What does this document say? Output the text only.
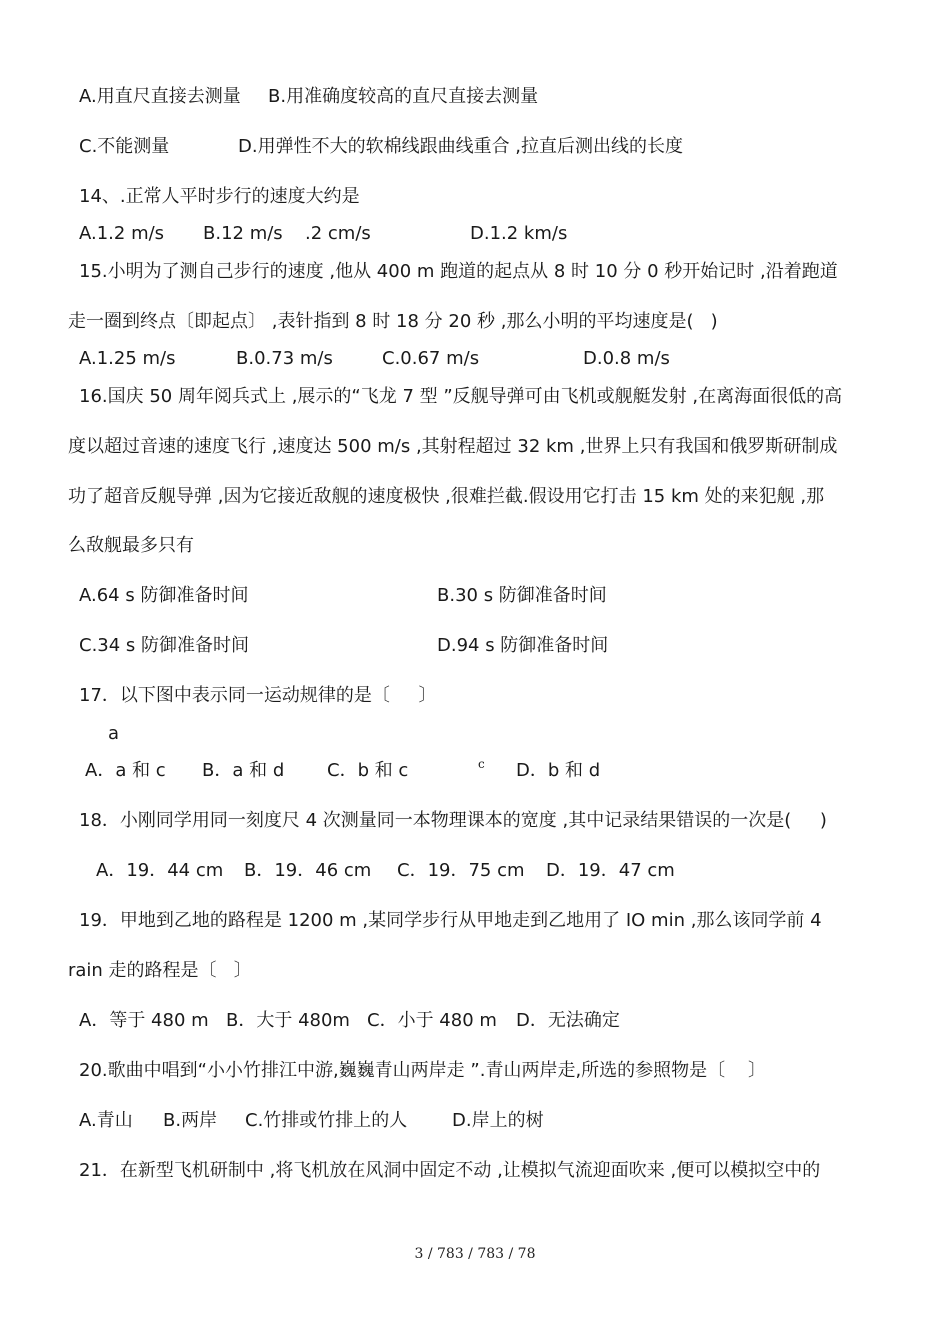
A.用直尺直接去测量 B.用准确度较高的直尺直接去测量
C.不能测量	D.用弹性不大的软棉线跟曲线重合 ,拉直后测出线的长度
14、.正常人平时步行的速度大约是
A.1.2 m/s B.12 m/s .2 cm/s	D.1.2 km/s
15.小明为了测自己步行的速度 ,他从 400 m 跑道的起点从 8 时 10 分 0 秒开始记时 ,沿着跑道
走一圈到终点〔即起点〕 ,表针指到 8 时 18 分 20 秒 ,那么小明的平均速度是(   )
A.1.25 m/s	B.0.73 m/s	C.0.67 m/s	D.0.8 m/s
16.国庆 50 周年阅兵式上 ,展示的“飞龙 7 型 ”反舰导弹可由飞机或舰艇发射 ,在离海面很低的高
度以超过音速的速度飞行 ,速度达 500 m/s ,其射程超过 32 km ,世界上只有我国和俄罗斯研制成
功了超音反舰导弹 ,因为它接近敌舰的速度极快 ,很难拦截.假设用它打击 15 km 处的来犯舰 ,那
么敌舰最多只有
A.64 s 防御准备时间	B.30 s 防御准备时间
C.34 s 防御准备时间	D.94 s 防御准备时间
17．以下图中表示同一运动规律的是〔     〕
a
A．a 和 c B．a 和 d C．b 和 c	c D．b 和 d
18．小刚同学用同一刻度尺 4 次测量同一本物理课本的宽度 ,其中记录结果错误的一次是(     )
A．19．44 cm B．19．46 cm C．19．75 cm D．19．47 cm
19．甲地到乙地的路程是 1200 m ,某同学步行从甲地走到乙地用了 IO min ,那么该同学前 4
rain 走的路程是〔   〕
A．等于 480 m B．大于 480m C．小于 480 m D．无法确定
20.歌曲中唱到“小小竹排江中游,巍巍青山两岸走 ”.青山两岸走,所选的参照物是〔    〕
A.青山 B.两岸 C.竹排或竹排上的人 D.岸上的树
21．在新型飞机研制中 ,将飞机放在风洞中固定不动 ,让模拟气流迎面吹来 ,便可以模拟空中的
3 / 783 / 783 / 78
